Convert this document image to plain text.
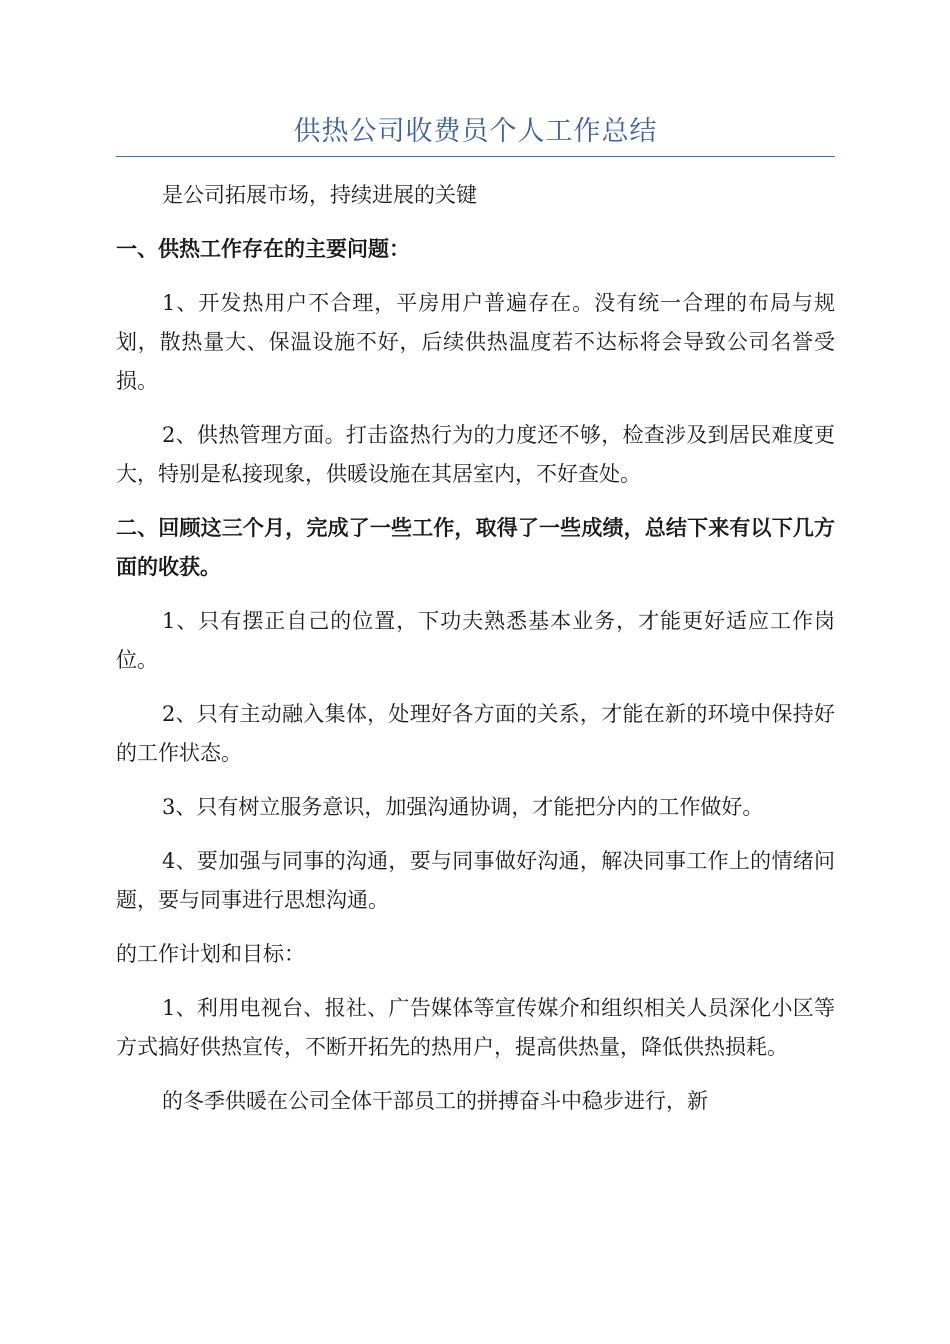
供热公司收费员个人工作总结

是公司拓展市场，持续进展的关键

一、供热工作存在的主要问题：

1、开发热用户不合理，平房用户普遍存在。没有统一合理的布局与规划，散热量大、保温设施不好，后续供热温度若不达标将会导致公司名誉受损。

2、供热管理方面。打击盗热行为的力度还不够，检查涉及到居民难度更大，特别是私接现象，供暖设施在其居室内，不好查处。

二、回顾这三个月，完成了一些工作，取得了一些成绩，总结下来有以下几方面的收获。

1、只有摆正自己的位置，下功夫熟悉基本业务，才能更好适应工作岗位。

2、只有主动融入集体，处理好各方面的关系，才能在新的环境中保持好的工作状态。

3、只有树立服务意识，加强沟通协调，才能把分内的工作做好。

4、要加强与同事的沟通，要与同事做好沟通，解决同事工作上的情绪问题，要与同事进行思想沟通。

的工作计划和目标：

1、利用电视台、报社、广告媒体等宣传媒介和组织相关人员深化小区等方式搞好供热宣传，不断开拓先的热用户，提高供热量，降低供热损耗。

的冬季供暖在公司全体干部员工的拼搏奋斗中稳步进行，新
